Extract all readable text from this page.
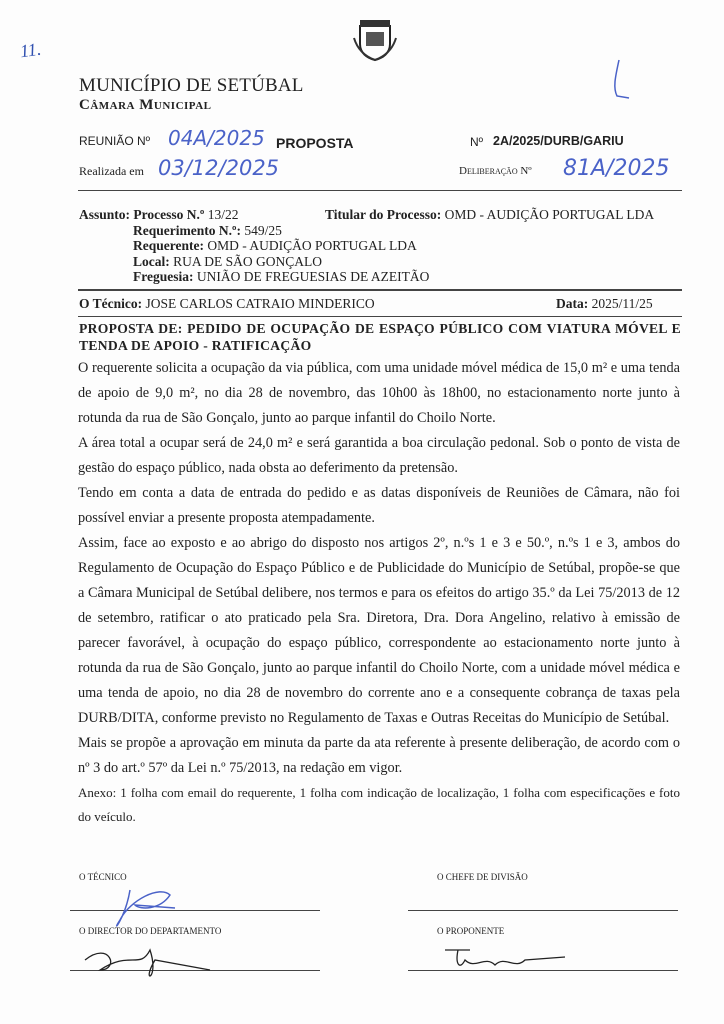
11.
MUNICÍPIO DE SETÚBAL
Câmara Municipal
REUNIÃO Nº 04A/2025 PROPOSTA	Nº 2A/2025/DURB/GARIU
Realizada em 03/12/2025	Deliberação Nº 81A/2025
Assunto: Processo N.º 13/22
Requerimento N.º: 549/25
Requerente: OMD - AUDIÇÃO PORTUGAL LDA
Local: RUA DE SÃO GONÇALO
Freguesia: UNIÃO DE FREGUESIAS DE AZEITÃO
Titular do Processo: OMD - AUDIÇÃO PORTUGAL LDA
O Técnico: JOSE CARLOS CATRAIO MINDERICO	Data: 2025/11/25
PROPOSTA DE: PEDIDO DE OCUPAÇÃO DE ESPAÇO PÚBLICO COM VIATURA MÓVEL E TENDA DE APOIO - RATIFICAÇÃO

O requerente solicita a ocupação da via pública, com uma unidade móvel médica de 15,0 m² e uma tenda de apoio de 9,0 m², no dia 28 de novembro, das 10h00 às 18h00, no estacionamento norte junto à rotunda da rua de São Gonçalo, junto ao parque infantil do Choilo Norte.

A área total a ocupar será de 24,0 m² e será garantida a boa circulação pedonal. Sob o ponto de vista de gestão do espaço público, nada obsta ao deferimento da pretensão.

Tendo em conta a data de entrada do pedido e as datas disponíveis de Reuniões de Câmara, não foi possível enviar a presente proposta atempadamente.

Assim, face ao exposto e ao abrigo do disposto nos artigos 2º, n.ºs 1 e 3 e 50.º, n.ºs 1 e 3, ambos do Regulamento de Ocupação do Espaço Público e de Publicidade do Município de Setúbal, propõe-se que a Câmara Municipal de Setúbal delibere, nos termos e para os efeitos do artigo 35.º da Lei 75/2013 de 12 de setembro, ratificar o ato praticado pela Sra. Diretora, Dra. Dora Angelino, relativo à emissão de parecer favorável, à ocupação do espaço público, correspondente ao estacionamento norte junto à rotunda da rua de São Gonçalo, junto ao parque infantil do Choilo Norte, com a unidade móvel médica e uma tenda de apoio, no dia 28 de novembro do corrente ano e a consequente cobrança de taxas pela DURB/DITA, conforme previsto no Regulamento de Taxas e Outras Receitas do Município de Setúbal.

Mais se propõe a aprovação em minuta da parte da ata referente à presente deliberação, de acordo com o nº 3 do art.º 57º da Lei n.º 75/2013, na redação em vigor.

Anexo: 1 folha com email do requerente, 1 folha com indicação de localização, 1 folha com especificações e foto do veículo.

O TÉCNICO
O DIRECTOR DO DEPARTAMENTO
O CHEFE DE DIVISÃO
O PROPONENTE
